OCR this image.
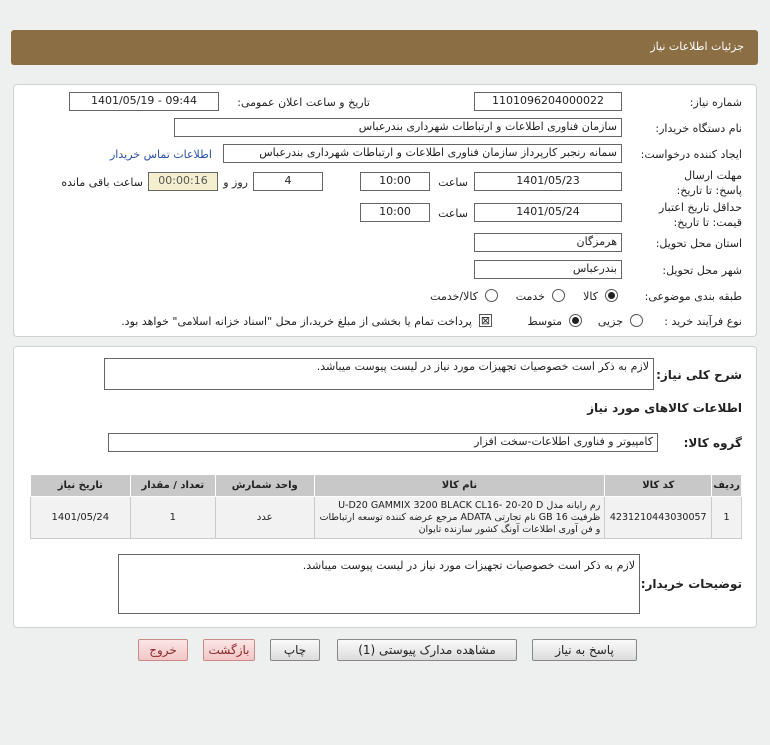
جزئیات اطلاعات نیاز
شماره نیاز:
1101096204000022
تاریخ و ساعت اعلان عمومی:
1401/05/19 - 09:44
نام دستگاه خریدار:
سازمان فناوری اطلاعات و ارتباطات شهرداری بندرعباس
ایجاد کننده درخواست:
سمانه رنجبر کارپرداز سازمان فناوری اطلاعات و ارتباطات شهرداری بندرعباس
اطلاعات تماس خریدار
مهلت ارسال پاسخ: تا تاریخ:
1401/05/23
ساعت
10:00
4
روز و
00:00:16
ساعت باقی مانده
حداقل تاریخ اعتبار قیمت: تا تاریخ:
1401/05/24
ساعت
10:00
استان محل تحویل:
هرمزگان
شهر محل تحویل:
بندرعباس
طبقه بندی موضوعی:
کالا
خدمت
کالا/خدمت
نوع فرآیند خرید :
جزیی
متوسط
⊠
پرداخت تمام یا بخشی از مبلغ خرید،از محل "اسناد خزانه اسلامی" خواهد بود.
شرح کلی نیاز:
لازم به ذکر است خصوصیات تجهیزات مورد نیاز در لیست پیوست میباشد.
اطلاعات کالاهای مورد نیاز
گروه کالا:
کامپیوتر و فناوری اطلاعات-سخت افزار
تاریخ نیاز	تعداد / مقدار	واحد شمارش	نام کالا	کد کالا	ردیف
1401/05/24	1	عدد	رم رایانه مدل U-D20 GAMMIX 3200 BLACK CL16- 20-20 D ظرفیت 16 GB نام تجارتی ADATA مرجع عرضه کننده توسعه ارتباطات و فن آوری اطلاعات آونگ کشور سازنده تایوان	4231210443030057	1
توضیحات خریدار:
لازم به ذکر است خصوصیات تجهیزات مورد نیاز در لیست پیوست میباشد.
پاسخ به نیاز
مشاهده مدارک پیوستی (1)
چاپ
بازگشت
خروج
